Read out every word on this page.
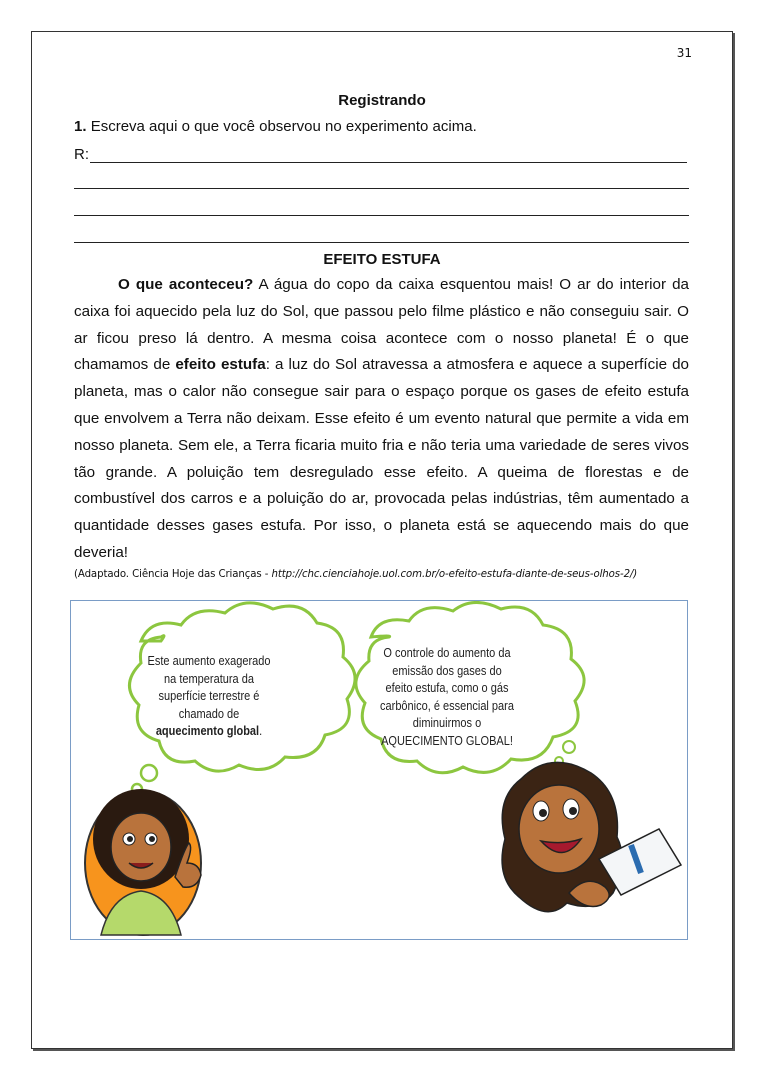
31
Registrando
1. Escreva aqui o que você observou no experimento acima.
R:
EFEITO ESTUFA
O que aconteceu? A água do copo da caixa esquentou mais! O ar do interior da caixa foi aquecido pela luz do Sol, que passou pelo filme plástico e não conseguiu sair. O ar ficou preso lá dentro. A mesma coisa acontece com o nosso planeta! É o que chamamos de efeito estufa: a luz do Sol atravessa a atmosfera e aquece a superfície do planeta, mas o calor não consegue sair para o espaço porque os gases de efeito estufa que envolvem a Terra não deixam. Esse efeito é um evento natural que permite a vida em nosso planeta. Sem ele, a Terra ficaria muito fria e não teria uma variedade de seres vivos tão grande. A poluição tem desregulado esse efeito. A queima de florestas e de combustível dos carros e a poluição do ar, provocada pelas indústrias, têm aumentado a quantidade desses gases estufa. Por isso, o planeta está se aquecendo mais do que deveria!
(Adaptado. Ciência Hoje das Crianças - http://chc.cienciahoje.uol.com.br/o-efeito-estufa-diante-de-seus-olhos-2/)
Este aumento exagerado
na temperatura da
superfície terrestre é
chamado de
aquecimento global.
O controle do aumento da
emissão dos gases do
efeito estufa, como o gás
carbônico, é essencial para
diminuirmos o
AQUECIMENTO GLOBAL!
